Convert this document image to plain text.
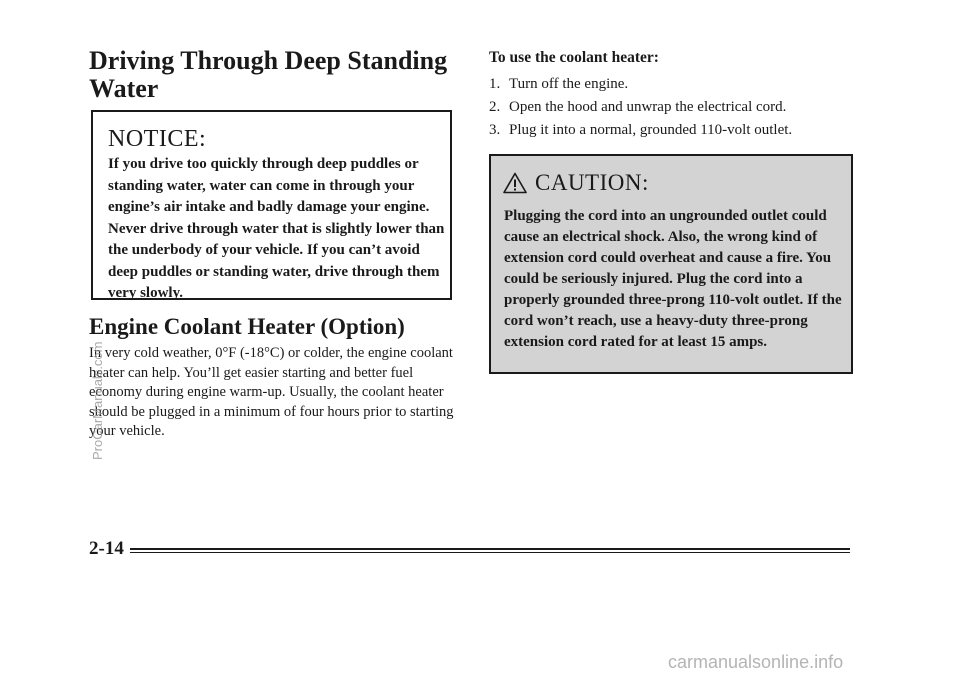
Driving Through Deep Standing Water
NOTICE:
If you drive too quickly through deep puddles or standing water, water can come in through your engine’s air intake and badly damage your engine. Never drive through water that is slightly lower than the underbody of your vehicle. If you can’t avoid deep puddles or standing water, drive through them very slowly.
Engine Coolant Heater (Option)
In very cold weather, 0°F (-18°C) or colder, the engine coolant heater can help. You’ll get easier starting and better fuel economy during engine warm-up. Usually, the coolant heater should be plugged in a minimum of four hours prior to starting your vehicle.
To use the coolant heater:
1. Turn off the engine.
2. Open the hood and unwrap the electrical cord.
3. Plug it into a normal, grounded 110-volt outlet.
CAUTION:
Plugging the cord into an ungrounded outlet could cause an electrical shock. Also, the wrong kind of extension cord could overheat and cause a fire. You could be seriously injured. Plug the cord into a properly grounded three-prong 110-volt outlet. If the cord won’t reach, use a heavy-duty three-prong extension cord rated for at least 15 amps.
2-14
ProCarManuals.com
carmanualsonline.info
